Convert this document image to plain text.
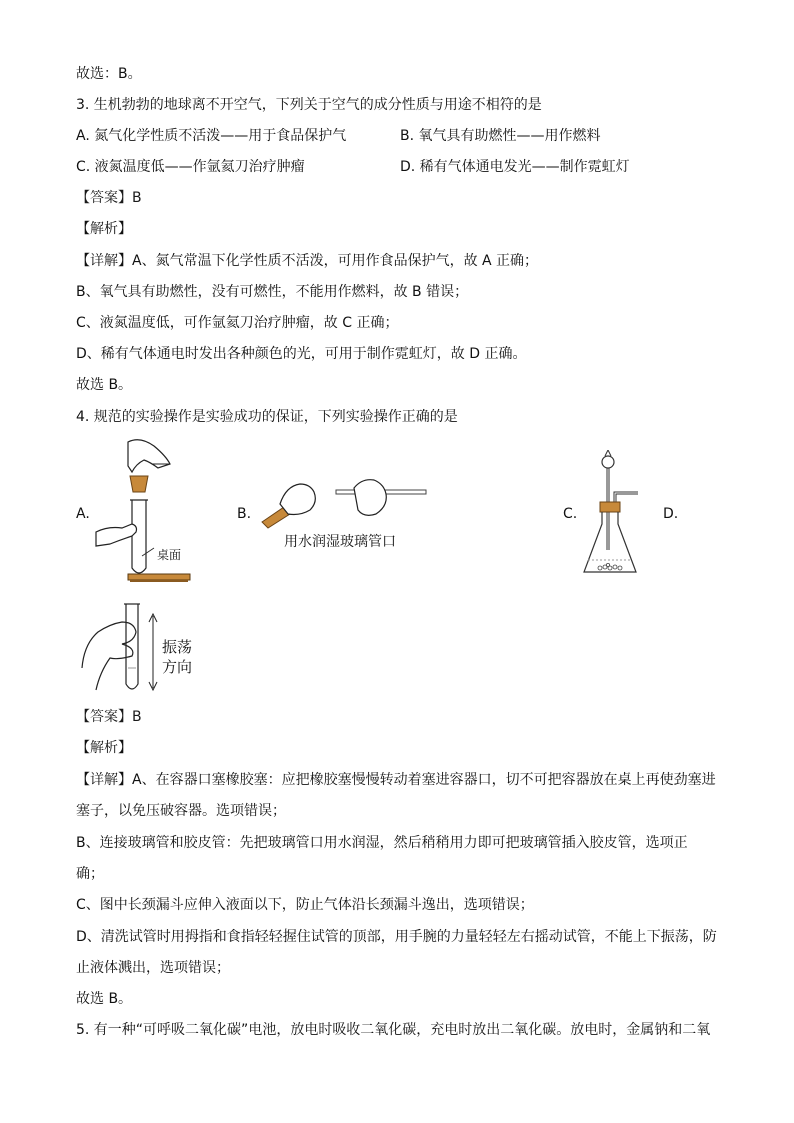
故选：B。
3. 生机勃勃的地球离不开空气，下列关于空气的成分性质与用途不相符的是
A. 氮气化学性质不活泼——用于食品保护气	B. 氧气具有助燃性——用作燃料
C. 液氮温度低——作氩氦刀治疗肿瘤	D. 稀有气体通电发光——制作霓虹灯
【答案】B
【解析】
【详解】A、氮气常温下化学性质不活泼，可用作食品保护气，故 A 正确；
B、氧气具有助燃性，没有可燃性，不能用作燃料，故 B 错误；
C、液氮温度低，可作氩氦刀治疗肿瘤，故 C 正确；
D、稀有气体通电时发出各种颜色的光，可用于制作霓虹灯，故 D 正确。
故选 B。
4. 规范的实验操作是实验成功的保证，下列实验操作正确的是
A.	B.	C.	D.
桌面
用水润湿玻璃管口
振荡
方向
【答案】B
【解析】
【详解】A、在容器口塞橡胶塞：应把橡胶塞慢慢转动着塞进容器口，切不可把容器放在桌上再使劲塞进
塞子，以免压破容器。选项错误；
B、连接玻璃管和胶皮管：先把玻璃管口用水润湿，然后稍稍用力即可把玻璃管插入胶皮管，选项正
确；
C、图中长颈漏斗应伸入液面以下，防止气体沿长颈漏斗逸出，选项错误；
D、清洗试管时用拇指和食指轻轻握住试管的顶部，用手腕的力量轻轻左右摇动试管，不能上下振荡，防
止液体溅出，选项错误；
故选 B。
5. 有一种“可呼吸二氧化碳”电池，放电时吸收二氧化碳，充电时放出二氧化碳。放电时，金属钠和二氧
